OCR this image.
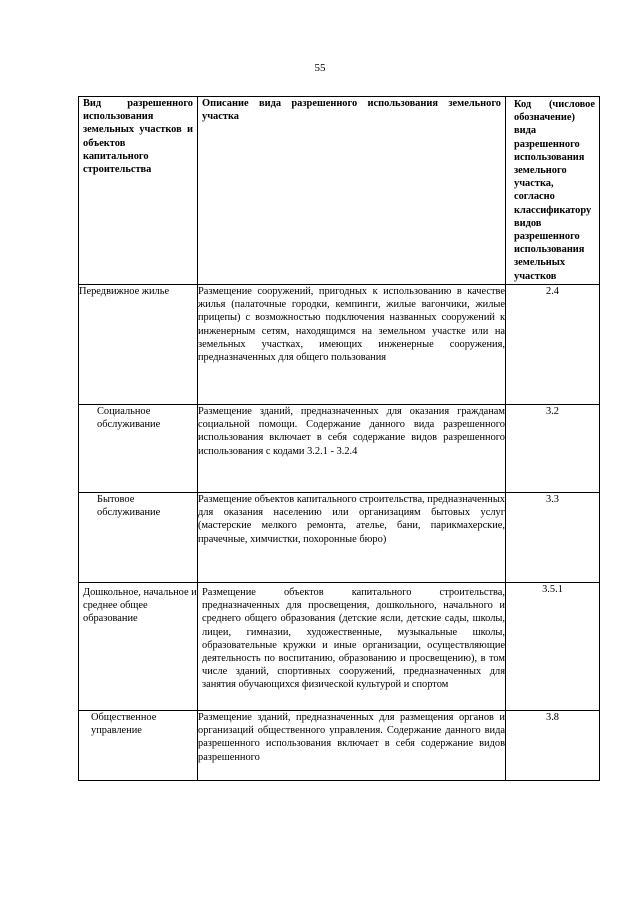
55
Вид разрешенного использования земельных участков и объектов капитального строительства	Описание вида разрешенного использования земельного участка	Код (числовое обозначение) вида разрешенного использования земельного участка, согласно классификатору видов разрешенного использования земельных участков
Передвижное жилье	Размещение сооружений, пригодных к использованию в качестве жилья (палаточные городки, кемпинги, жилые вагончики, жилые прицепы) с возможностью подключения названных сооружений к инженерным сетям, находящимся на земельном участке или на земельных участках, имеющих инженерные сооружения, предназначенных для общего пользования	2.4
Социальное обслуживание	Размещение зданий, предназначенных для оказания гражданам социальной помощи. Содержание данного вида разрешенного использования включает в себя содержание видов разрешенного использования с кодами 3.2.1 - 3.2.4	3.2
Бытовое обслуживание	Размещение объектов капитального строительства, предназначенных для оказания населению или организациям бытовых услуг (мастерские мелкого ремонта, ателье, бани, парикмахерские, прачечные, химчистки, похоронные бюро)	3.3
Дошкольное, начальное и среднее общее образование	Размещение объектов капитального строительства, предназначенных для просвещения, дошкольного, начального и среднего общего образования (детские ясли, детские сады, школы, лицеи, гимназии, художественные, музыкальные школы, образовательные кружки и иные организации, осуществляющие деятельность по воспитанию, образованию и просвещению), в том числе зданий, спортивных сооружений, предназначенных для занятия обучающихся физической культурой и спортом	3.5.1
Общественное управление	Размещение зданий, предназначенных для размещения органов и организаций общественного управления. Содержание данного вида разрешенного использования включает в себя содержание видов разрешенного	3.8
